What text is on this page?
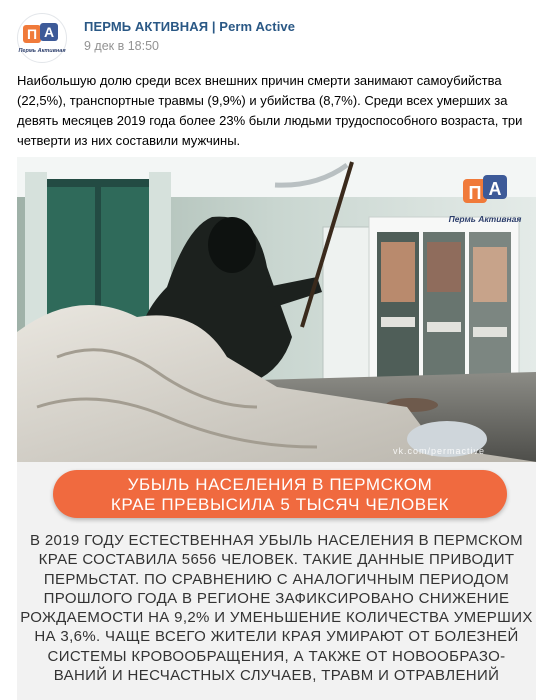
П А
Пермь Активная
ПЕРМЬ АКТИВНАЯ | Perm Active
9 дек в 18:50
Наибольшую долю среди всех внешних причин смерти занимают самоубийства (22,5%), транспортные травмы (9,9%) и убийства (8,7%). Среди всех умерших за девять месяцев 2019 года более 23% были людьми трудоспособного возраста, три четверти из них составили мужчины.
П А
Пермь Активная
vk.com/permactive
УБЫЛЬ НАСЕЛЕНИЯ В ПЕРМСКОМ
КРАЕ ПРЕВЫСИЛА 5 ТЫСЯЧ ЧЕЛОВЕК
В 2019 ГОДУ ЕСТЕСТВЕННАЯ УБЫЛЬ НАСЕЛЕНИЯ В ПЕРМСКОМ
КРАЕ СОСТАВИЛА 5656 ЧЕЛОВЕК. ТАКИЕ ДАННЫЕ ПРИВОДИТ
ПЕРМЬСТАТ. ПО СРАВНЕНИЮ С АНАЛОГИЧНЫМ ПЕРИОДОМ
ПРОШЛОГО ГОДА В РЕГИОНЕ ЗАФИКСИРОВАНО СНИЖЕНИЕ
РОЖДАЕМОСТИ НА 9,2% И УМЕНЬШЕНИЕ КОЛИЧЕСТВА УМЕРШИХ
НА 3,6%. ЧАЩЕ ВСЕГО ЖИТЕЛИ КРАЯ УМИРАЮТ ОТ БОЛЕЗНЕЙ
СИСТЕМЫ КРОВООБРАЩЕНИЯ, А ТАКЖЕ ОТ НОВООБРАЗО-
ВАНИЙ И НЕСЧАСТНЫХ СЛУЧАЕВ, ТРАВМ И ОТРАВЛЕНИЙ
